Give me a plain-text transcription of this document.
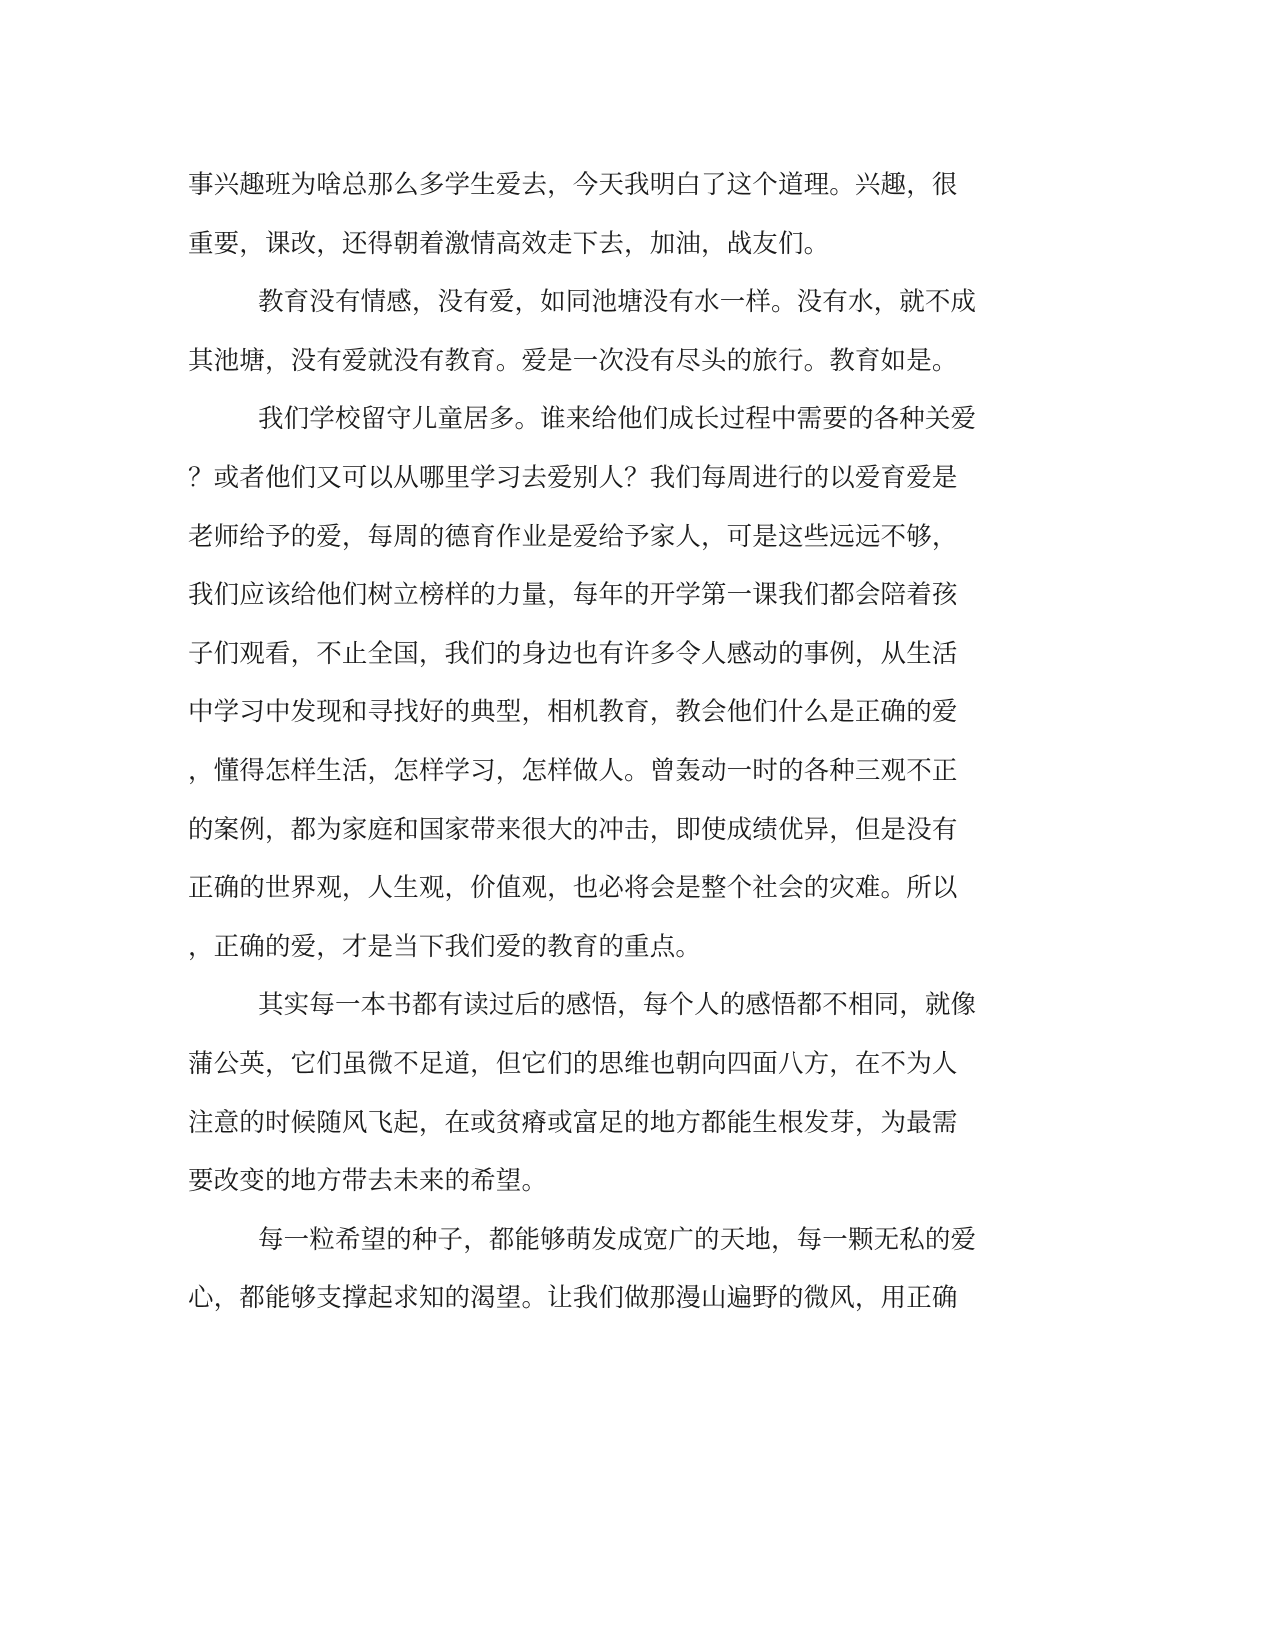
事兴趣班为啥总那么多学生爱去，今天我明白了这个道理。兴趣，很
重要，课改，还得朝着激情高效走下去，加油，战友们。
教育没有情感，没有爱，如同池塘没有水一样。没有水，就不成
其池塘，没有爱就没有教育。爱是一次没有尽头的旅行。教育如是。
我们学校留守儿童居多。谁来给他们成长过程中需要的各种关爱
？或者他们又可以从哪里学习去爱别人？我们每周进行的以爱育爱是
老师给予的爱，每周的德育作业是爱给予家人，可是这些远远不够，
我们应该给他们树立榜样的力量，每年的开学第一课我们都会陪着孩
子们观看，不止全国，我们的身边也有许多令人感动的事例，从生活
中学习中发现和寻找好的典型，相机教育，教会他们什么是正确的爱
，懂得怎样生活，怎样学习，怎样做人。曾轰动一时的各种三观不正
的案例，都为家庭和国家带来很大的冲击，即使成绩优异，但是没有
正确的世界观，人生观，价值观，也必将会是整个社会的灾难。所以
，正确的爱，才是当下我们爱的教育的重点。
其实每一本书都有读过后的感悟，每个人的感悟都不相同，就像
蒲公英，它们虽微不足道，但它们的思维也朝向四面八方，在不为人
注意的时候随风飞起，在或贫瘠或富足的地方都能生根发芽，为最需
要改变的地方带去未来的希望。
每一粒希望的种子，都能够萌发成宽广的天地，每一颗无私的爱
心，都能够支撑起求知的渴望。让我们做那漫山遍野的微风，用正确
